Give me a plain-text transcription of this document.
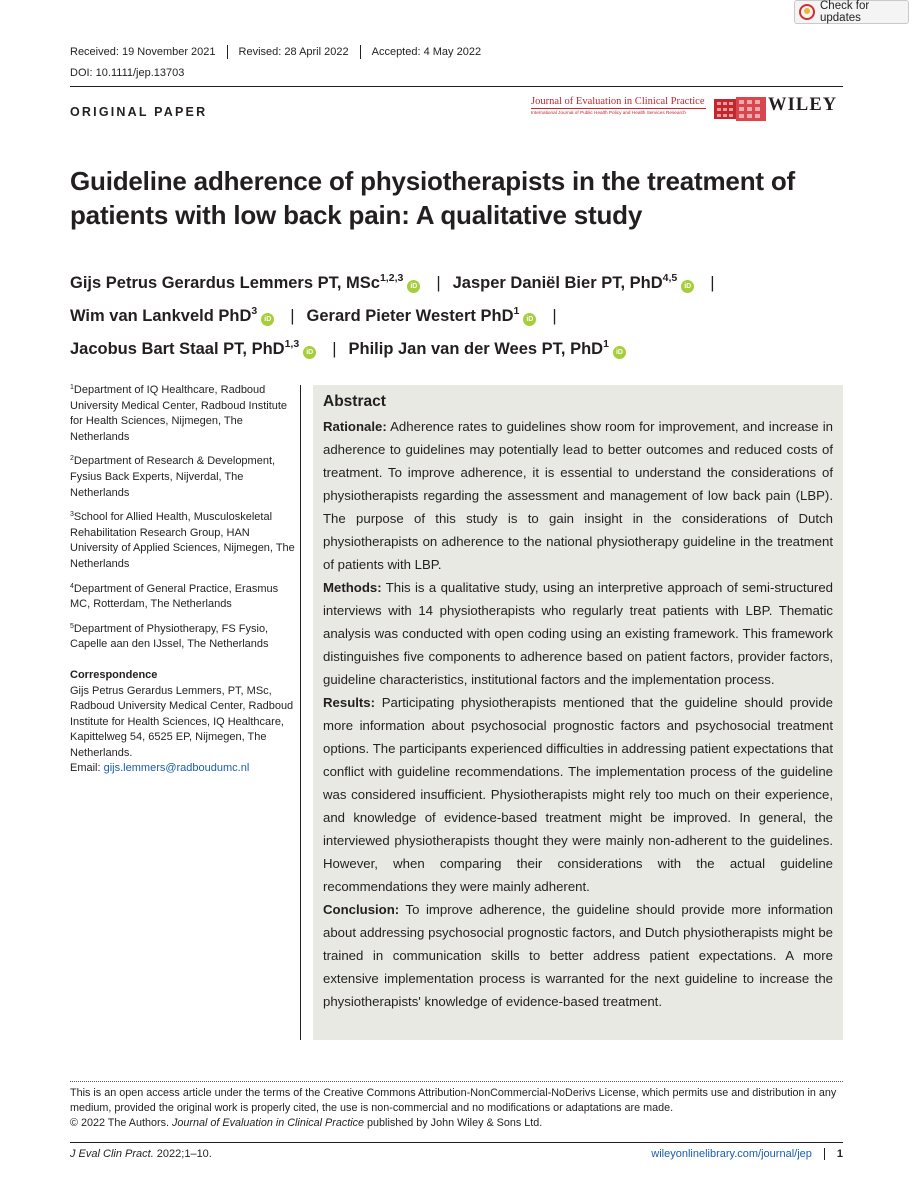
Check for updates
Received: 19 November 2021	Revised: 28 April 2022	Accepted: 4 May 2022
DOI: 10.1111/jep.13703
ORIGINAL PAPER
Journal of Evaluation in Clinical Practice
International Journal of Public Health Policy and Health Services Research	WILEY
Guideline adherence of physiotherapists in the treatment of patients with low back pain: A qualitative study
Gijs Petrus Gerardus Lemmers PT, MSc$^{1,2,3}$iD | Jasper Daniël Bier PT, PhD$^{4,5}$iD |
Wim van Lankveld PhD$^3$iD | Gerard Pieter Westert PhD$^1$iD |
Jacobus Bart Staal PT, PhD$^{1,3}$iD | Philip Jan van der Wees PT, PhD$^1$iD
$^1$Department of IQ Healthcare, Radboud University Medical Center, Radboud Institute for Health Sciences, Nijmegen, The Netherlands
$^2$Department of Research & Development, Fysius Back Experts, Nijverdal, The Netherlands
$^3$School for Allied Health, Musculoskeletal Rehabilitation Research Group, HAN University of Applied Sciences, Nijmegen, The Netherlands
$^4$Department of General Practice, Erasmus MC, Rotterdam, The Netherlands
$^5$Department of Physiotherapy, FS Fysio, Capelle aan den IJssel, The Netherlands
Correspondence
Gijs Petrus Gerardus Lemmers, PT, MSc, Radboud University Medical Center, Radboud Institute for Health Sciences, IQ Healthcare, Kapittelweg 54, 6525 EP, Nijmegen, The Netherlands.
Email: gijs.lemmers@radboudumc.nl
Abstract

Rationale: Adherence rates to guidelines show room for improvement, and increase in adherence to guidelines may potentially lead to better outcomes and reduced costs of treatment. To improve adherence, it is essential to understand the considerations of physiotherapists regarding the assessment and management of low back pain (LBP). The purpose of this study is to gain insight in the considerations of Dutch physiotherapists on adherence to the national physiotherapy guideline in the treatment of patients with LBP.

Methods: This is a qualitative study, using an interpretive approach of semi-structured interviews with 14 physiotherapists who regularly treat patients with LBP. Thematic analysis was conducted with open coding using an existing framework. This framework distinguishes five components to adherence based on patient factors, provider factors, guideline characteristics, institutional factors and the implementation process.

Results: Participating physiotherapists mentioned that the guideline should provide more information about psychosocial prognostic factors and psychosocial treatment options. The participants experienced difficulties in addressing patient expectations that conflict with guideline recommendations. The implementation process of the guideline was considered insufficient. Physiotherapists might rely too much on their experience, and knowledge of evidence-based treatment might be improved. In general, the interviewed physiotherapists thought they were mainly non-adherent to the guidelines. However, when comparing their considerations with the actual guideline recommendations they were mainly adherent.

Conclusion: To improve adherence, the guideline should provide more information about addressing psychosocial prognostic factors, and Dutch physiotherapists might be trained in communication skills to better address patient expectations. A more extensive implementation process is warranted for the next guideline to increase the physiotherapists' knowledge of evidence-based treatment.

This is an open access article under the terms of the Creative Commons Attribution-NonCommercial-NoDerivs License, which permits use and distribution in any medium, provided the original work is properly cited, the use is non-commercial and no modifications or adaptations are made.
© 2022 The Authors. Journal of Evaluation in Clinical Practice published by John Wiley & Sons Ltd.
J Eval Clin Pract. 2022;1–10.	wileyonlinelibrary.com/journal/jep	1
